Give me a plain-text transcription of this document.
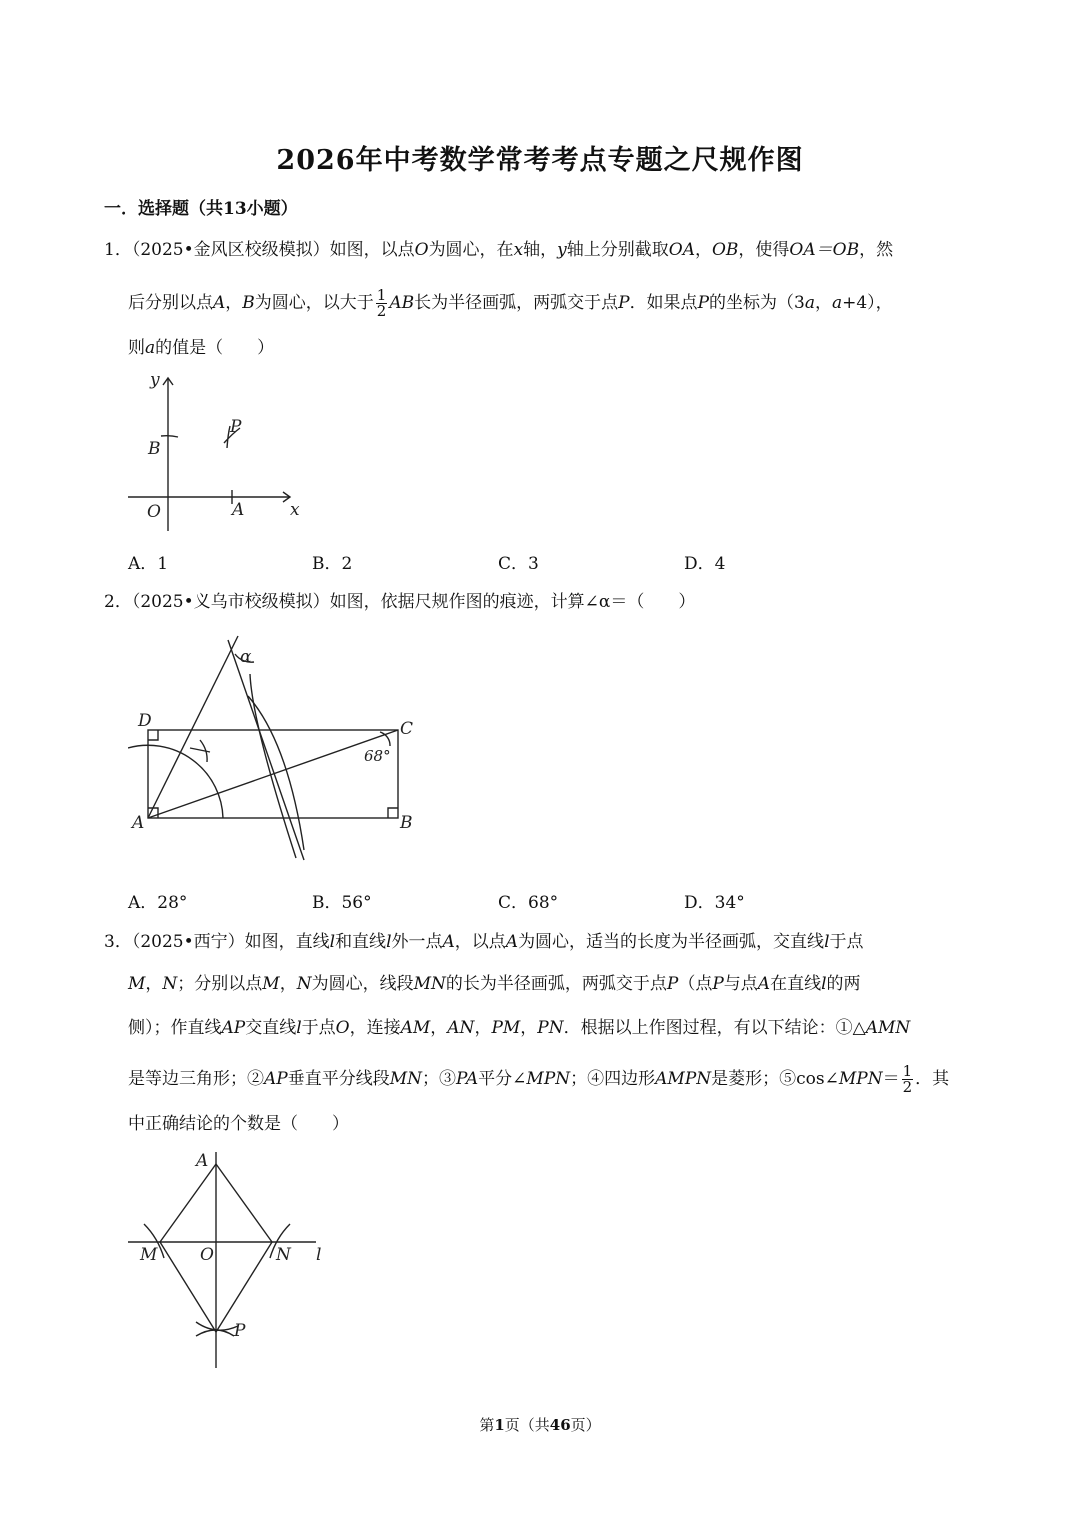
2026年中考数学常考考点专题之尺规作图
一．选择题（共13小题）
1．（2025•金风区校级模拟）如图，以点O为圆心，在x轴，y轴上分别截取OA，OB，使得OA＝OB，然
后分别以点A，B为圆心，以大于 $\frac{1}{2}$ AB长为半径画弧，两弧交于点P．如果点P的坐标为（3a，a+4），
则a的值是（　　）
y
B
P
O	A	x
A．1	B．2	C．3	D．4
2．（2025•义乌市校级模拟）如图，依据尺规作图的痕迹，计算∠α＝（　　）
α
D	C
68°
A	B
A．28°	B．56°	C．68°	D．34°
3．（2025•西宁）如图，直线l和直线l外一点A，以点A为圆心，适当的长度为半径画弧，交直线l于点
M，N；分别以点M，N为圆心，线段MN的长为半径画弧，两弧交于点P（点P与点A在直线l的两
侧）；作直线AP交直线l于点O，连接AM，AN，PM，PN．根据以上作图过程，有以下结论：①△AMN
是等边三角形；②AP垂直平分线段MN；③PA平分∠MPN；④四边形AMPN是菱形；⑤cos∠MPN＝ $\frac{1}{2}$ ．其
中正确结论的个数是（　　）
A
M	O	N l
P
第1页（共46页）
